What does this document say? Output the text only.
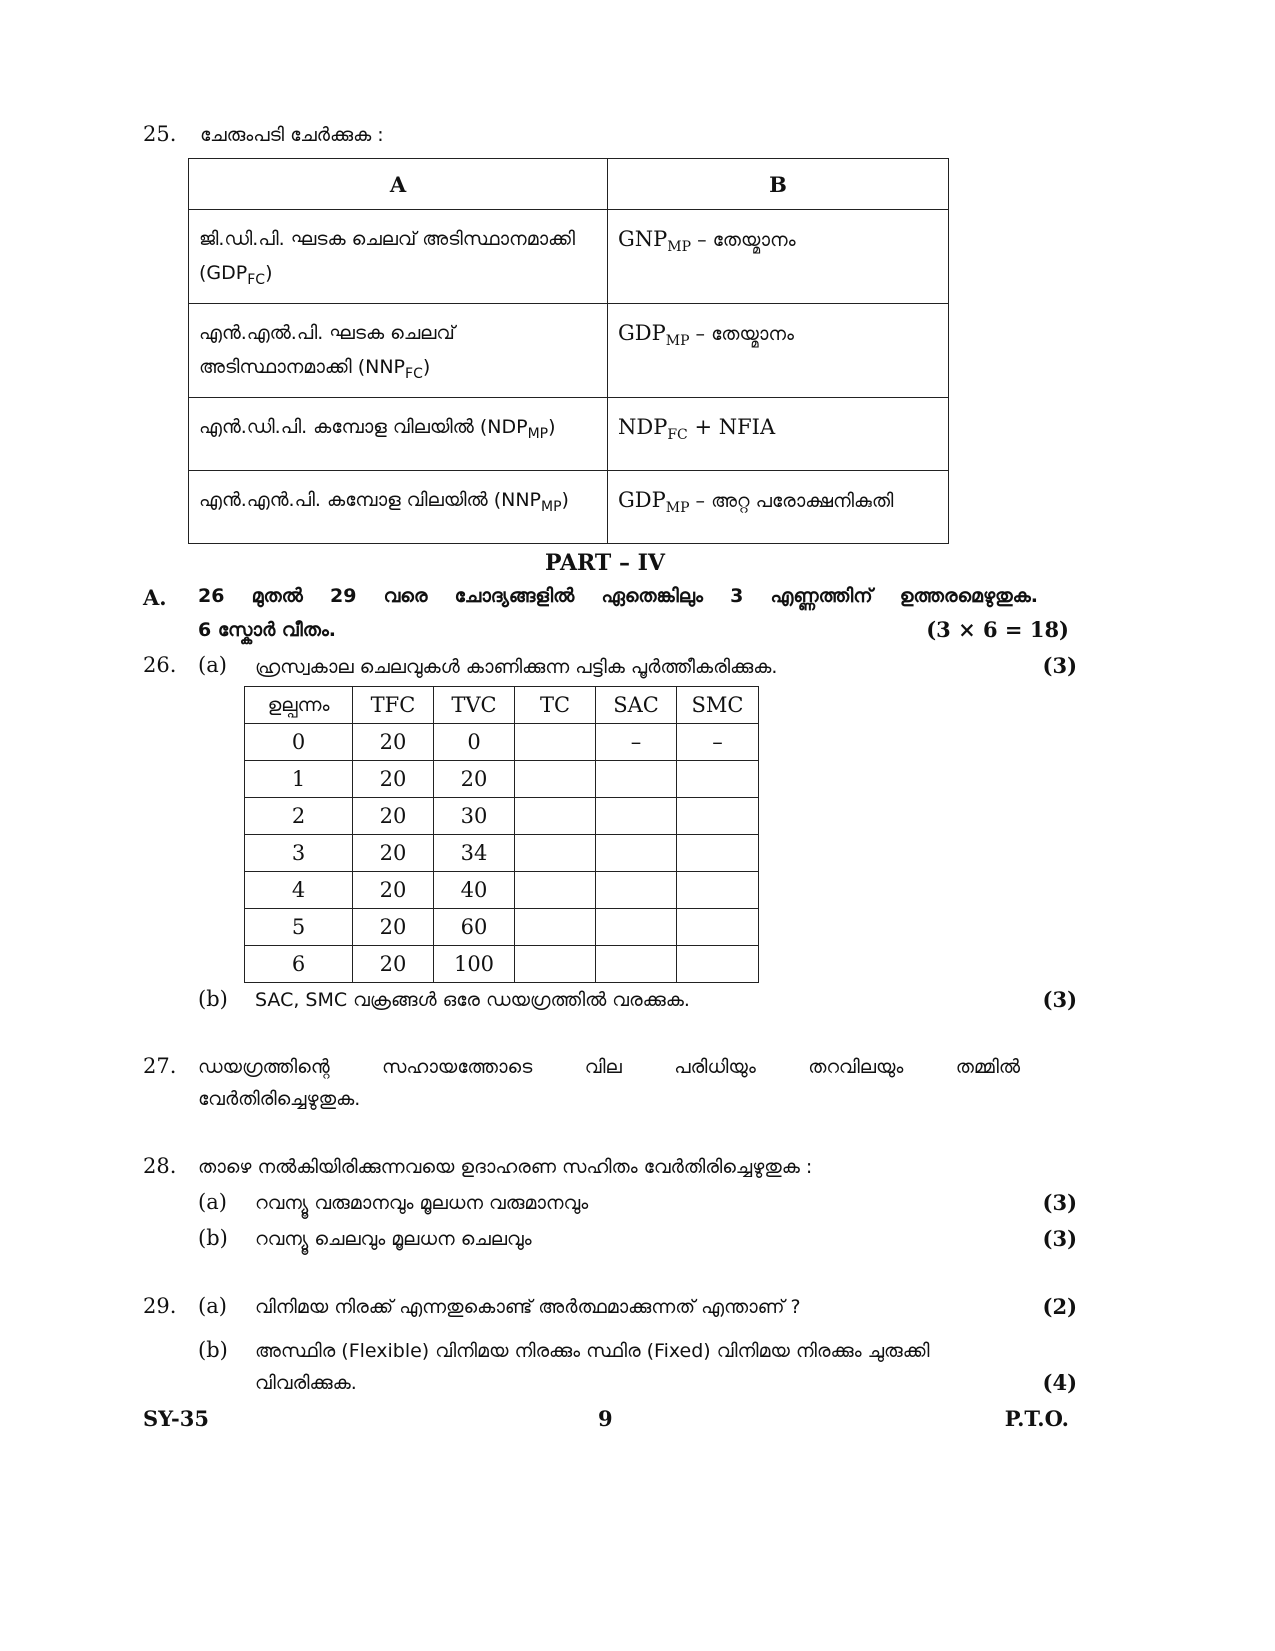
25. ചേരുംപടി ചേർക്കുക :
A	B
ജി.ഡി.പി. ഘടക ചെലവ് അടിസ്ഥാനമാക്കി $(GDP_{FC})$	$GNP_{MP}$ – തേയ്മാനം
എൻ.എൽ.പി. ഘടക ചെലവ് അടിസ്ഥാനമാക്കി $(NNP_{FC})$	$GDP_{MP}$ – തേയ്മാനം
എൻ.ഡി.പി. കമ്പോള വിലയിൽ $(NDP_{MP})$	$NDP_{FC}$ + NFIA
എൻ.എൻ.പി. കമ്പോള വിലയിൽ $(NNP_{MP})$	$GDP_{MP}$ – അറ്റ പരോക്ഷനികുതി
PART – IV
A. 26 മുതൽ 29 വരെ ചോദ്യങ്ങളിൽ ഏതെങ്കിലും 3 എണ്ണത്തിന് ഉത്തരമെഴുതുക.
6 സ്കോർ വീതം.	(3 × 6 = 18)
26. (a) ഹ്രസ്വകാല ചെലവുകൾ കാണിക്കുന്ന പട്ടിക പൂർത്തീകരിക്കുക.	(3)
ഉല്പന്നം	TFC	TVC	TC	SAC	SMC
0	20	0		–	–
1	20	20			
2	20	30			
3	20	34			
4	20	40			
5	20	60			
6	20	100			
(b) SAC, SMC വക്രങ്ങൾ ഒരേ ഡയഗ്രത്തിൽ വരക്കുക.	(3)
27. ഡയഗ്രത്തിന്റെ സഹായത്തോടെ വില പരിധിയും തറവിലയും തമ്മിൽ
വേർതിരിച്ചെഴുതുക.
28. താഴെ നൽകിയിരിക്കുന്നവയെ ഉദാഹരണ സഹിതം വേർതിരിച്ചെഴുതുക :
(a) റവന്യൂ വരുമാനവും മൂലധന വരുമാനവും	(3)
(b) റവന്യൂ ചെലവും മൂലധന ചെലവും	(3)
29. (a) വിനിമയ നിരക്ക് എന്നതുകൊണ്ട് അർത്ഥമാക്കുന്നത് എന്താണ് ?	(2)
(b) അസ്ഥിര (Flexible) വിനിമയ നിരക്കും സ്ഥിര (Fixed) വിനിമയ നിരക്കും ചുരുക്കി
വിവരിക്കുക.	(4)
SY-35	9	P.T.O.
